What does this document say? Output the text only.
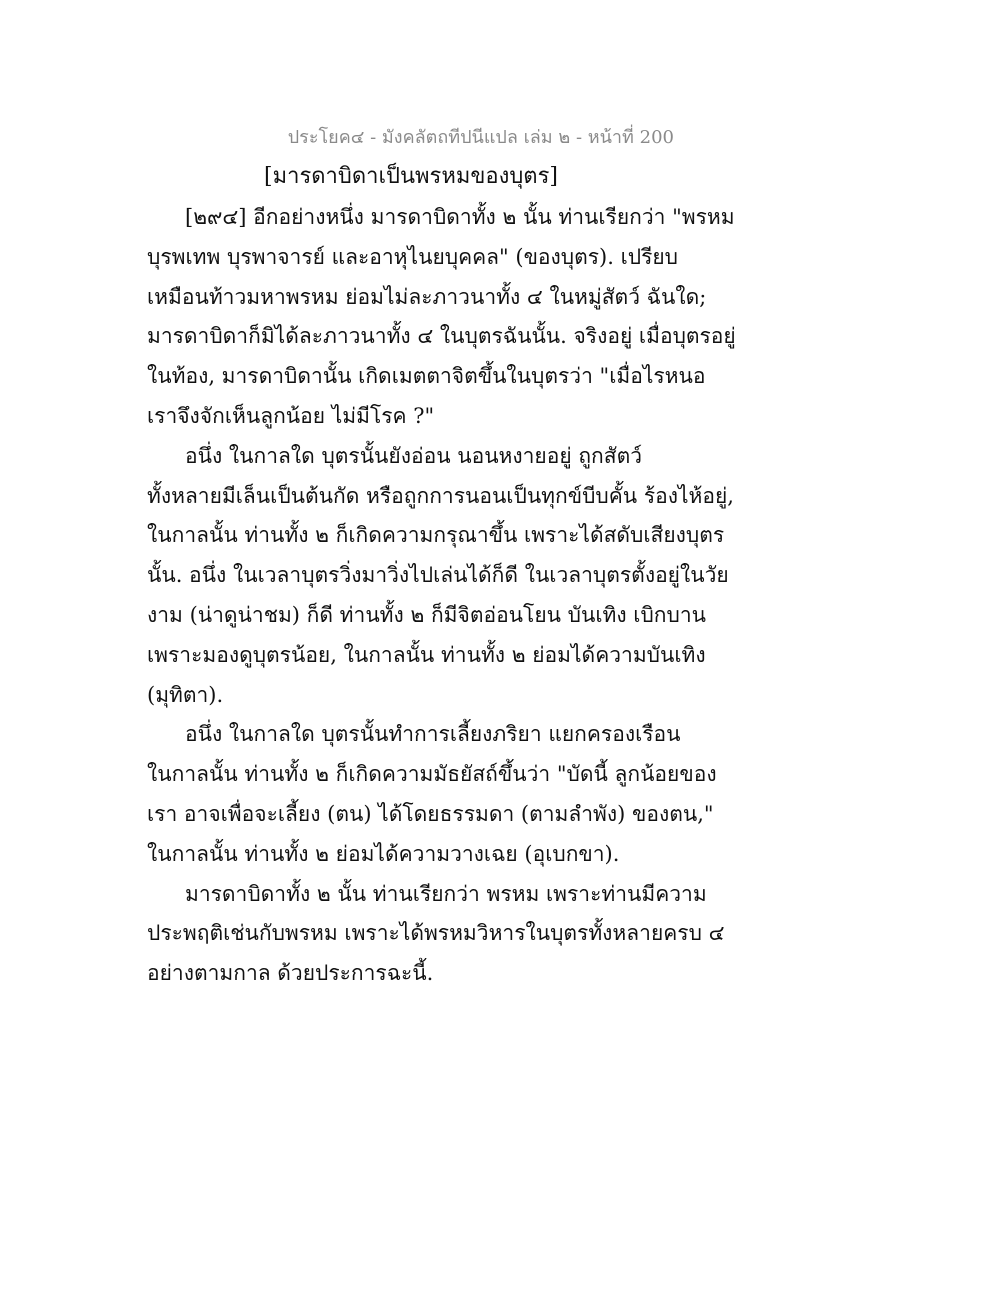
ประโยค๔ - มังคลัตถทีปนีแปล เล่ม ๒ - หน้าที่ 200
[มารดาบิดาเป็นพรหมของบุตร]
[๒๙๔] อีกอย่างหนึ่ง มารดาบิดาทั้ง ๒ นั้น ท่านเรียกว่า "พรหม
บุรพเทพ บุรพาจารย์ และอาหุไนยบุคคล" (ของบุตร). เปรียบ
เหมือนท้าวมหาพรหม ย่อมไม่ละภาวนาทั้ง ๔ ในหมู่สัตว์ ฉันใด;
มารดาบิดาก็มิได้ละภาวนาทั้ง ๔ ในบุตรฉันนั้น. จริงอยู่ เมื่อบุตรอยู่
ในท้อง, มารดาบิดานั้น เกิดเมตตาจิตขึ้นในบุตรว่า "เมื่อไรหนอ
เราจึงจักเห็นลูกน้อย ไม่มีโรค ?"
อนึ่ง ในกาลใด บุตรนั้นยังอ่อน นอนหงายอยู่ ถูกสัตว์
ทั้งหลายมีเล็นเป็นต้นกัด หรือถูกการนอนเป็นทุกข์บีบคั้น ร้องไห้อยู่,
ในกาลนั้น ท่านทั้ง ๒ ก็เกิดความกรุณาขึ้น เพราะได้สดับเสียงบุตร
นั้น. อนึ่ง ในเวลาบุตรวิ่งมาวิ่งไปเล่นได้ก็ดี ในเวลาบุตรตั้งอยู่ในวัย
งาม (น่าดูน่าชม) ก็ดี ท่านทั้ง ๒ ก็มีจิตอ่อนโยน บันเทิง เบิกบาน
เพราะมองดูบุตรน้อย, ในกาลนั้น ท่านทั้ง ๒ ย่อมได้ความบันเทิง
(มุทิตา).
อนึ่ง ในกาลใด บุตรนั้นทำการเลี้ยงภริยา แยกครองเรือน
ในกาลนั้น ท่านทั้ง ๒ ก็เกิดความมัธยัสถ์ขึ้นว่า "บัดนี้ ลูกน้อยของ
เรา อาจเพื่อจะเลี้ยง (ตน) ได้โดยธรรมดา (ตามลำพัง) ของตน,"
ในกาลนั้น ท่านทั้ง ๒ ย่อมได้ความวางเฉย (อุเบกขา).
มารดาบิดาทั้ง ๒ นั้น ท่านเรียกว่า พรหม เพราะท่านมีความ
ประพฤติเช่นกับพรหม เพราะได้พรหมวิหารในบุตรทั้งหลายครบ ๔
อย่างตามกาล ด้วยประการฉะนี้.
